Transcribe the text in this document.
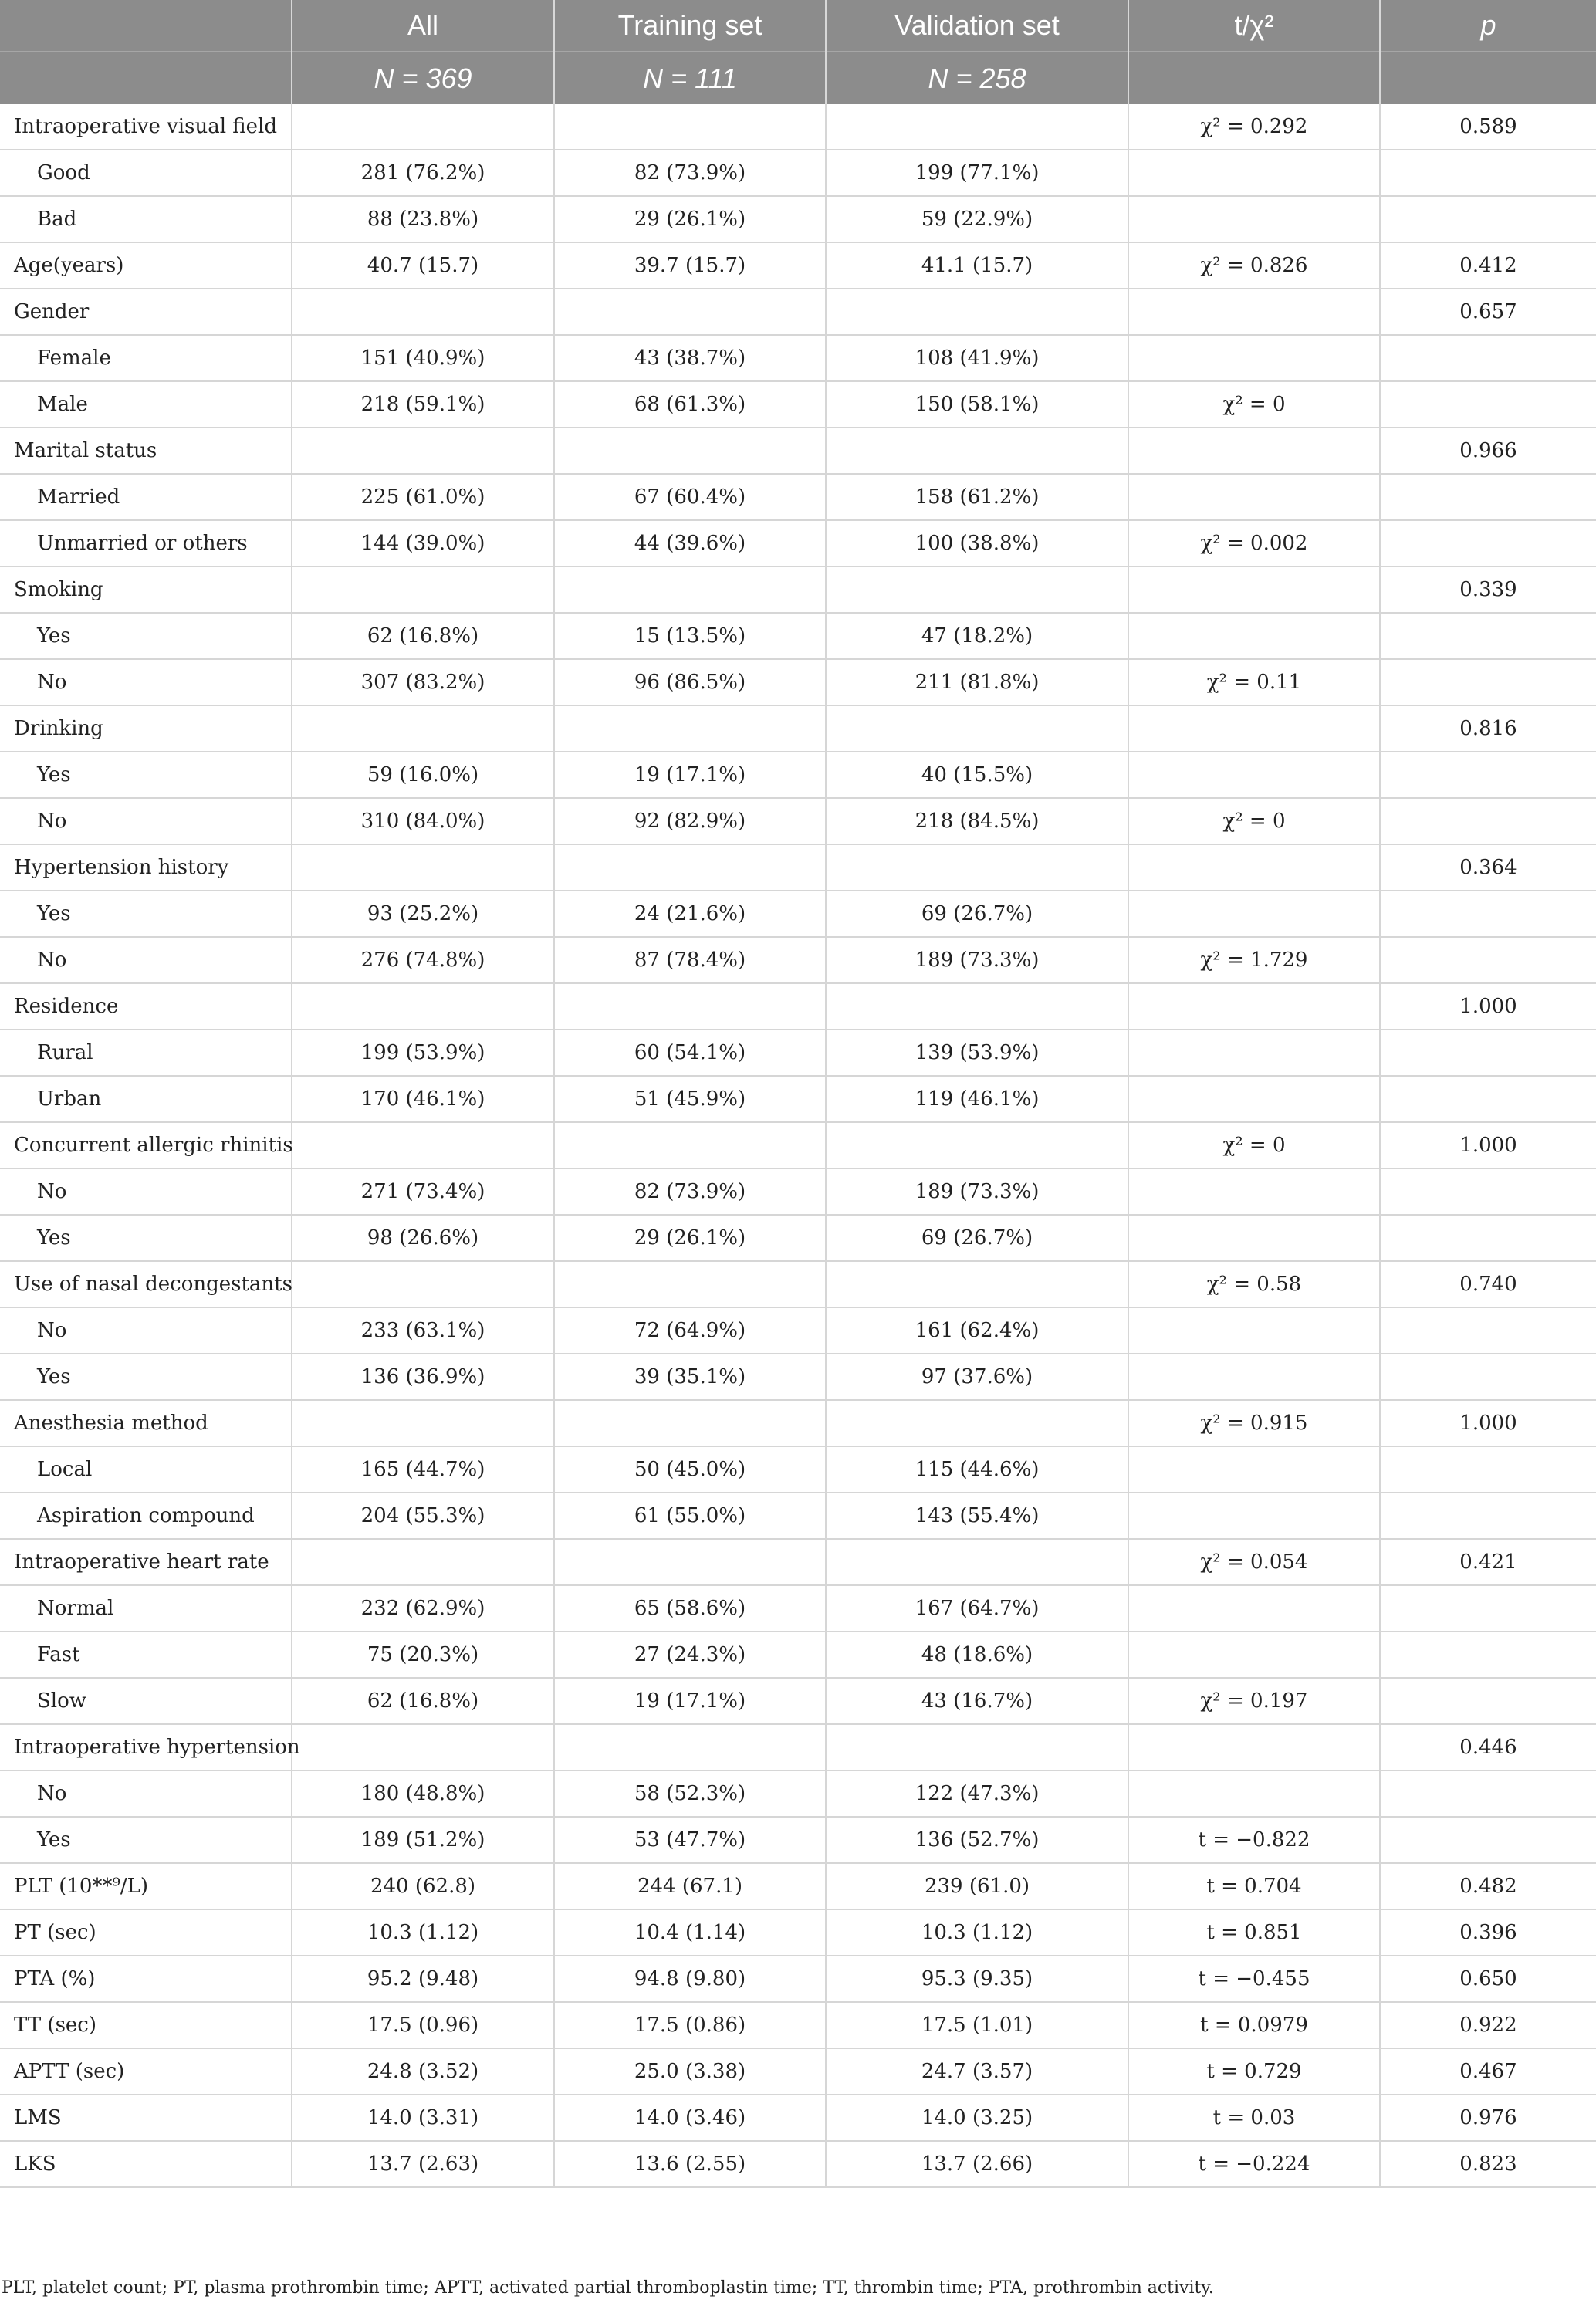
	All	Training set	Validation set	t/χ²	p
	N = 369	N = 111	N = 258		
Intraoperative visual field				χ² = 0.292	0.589
Good	281 (76.2%)	82 (73.9%)	199 (77.1%)		
Bad	88 (23.8%)	29 (26.1%)	59 (22.9%)		
Age(years)	40.7 (15.7)	39.7 (15.7)	41.1 (15.7)	χ² = 0.826	0.412
Gender					0.657
Female	151 (40.9%)	43 (38.7%)	108 (41.9%)		
Male	218 (59.1%)	68 (61.3%)	150 (58.1%)	χ² = 0	
Marital status					0.966
Married	225 (61.0%)	67 (60.4%)	158 (61.2%)		
Unmarried or others	144 (39.0%)	44 (39.6%)	100 (38.8%)	χ² = 0.002	
Smoking					0.339
Yes	62 (16.8%)	15 (13.5%)	47 (18.2%)		
No	307 (83.2%)	96 (86.5%)	211 (81.8%)	χ² = 0.11	
Drinking					0.816
Yes	59 (16.0%)	19 (17.1%)	40 (15.5%)		
No	310 (84.0%)	92 (82.9%)	218 (84.5%)	χ² = 0	
Hypertension history					0.364
Yes	93 (25.2%)	24 (21.6%)	69 (26.7%)		
No	276 (74.8%)	87 (78.4%)	189 (73.3%)	χ² = 1.729	
Residence					1.000
Rural	199 (53.9%)	60 (54.1%)	139 (53.9%)		
Urban	170 (46.1%)	51 (45.9%)	119 (46.1%)		
Concurrent allergic rhinitis				χ² = 0	1.000
No	271 (73.4%)	82 (73.9%)	189 (73.3%)		
Yes	98 (26.6%)	29 (26.1%)	69 (26.7%)		
Use of nasal decongestants				χ² = 0.58	0.740
No	233 (63.1%)	72 (64.9%)	161 (62.4%)		
Yes	136 (36.9%)	39 (35.1%)	97 (37.6%)		
Anesthesia method				χ² = 0.915	1.000
Local	165 (44.7%)	50 (45.0%)	115 (44.6%)		
Aspiration compound	204 (55.3%)	61 (55.0%)	143 (55.4%)		
Intraoperative heart rate				χ² = 0.054	0.421
Normal	232 (62.9%)	65 (58.6%)	167 (64.7%)		
Fast	75 (20.3%)	27 (24.3%)	48 (18.6%)		
Slow	62 (16.8%)	19 (17.1%)	43 (16.7%)	χ² = 0.197	
Intraoperative hypertension					0.446
No	180 (48.8%)	58 (52.3%)	122 (47.3%)		
Yes	189 (51.2%)	53 (47.7%)	136 (52.7%)	t = −0.822	
PLT (10**⁹/L)	240 (62.8)	244 (67.1)	239 (61.0)	t = 0.704	0.482
PT (sec)	10.3 (1.12)	10.4 (1.14)	10.3 (1.12)	t = 0.851	0.396
PTA (%)	95.2 (9.48)	94.8 (9.80)	95.3 (9.35)	t = −0.455	0.650
TT (sec)	17.5 (0.96)	17.5 (0.86)	17.5 (1.01)	t = 0.0979	0.922
APTT (sec)	24.8 (3.52)	25.0 (3.38)	24.7 (3.57)	t = 0.729	0.467
LMS	14.0 (3.31)	14.0 (3.46)	14.0 (3.25)	t = 0.03	0.976
LKS	13.7 (2.63)	13.6 (2.55)	13.7 (2.66)	t = −0.224	0.823
PLT, platelet count; PT, plasma prothrombin time; APTT, activated partial thromboplastin time; TT, thrombin time; PTA, prothrombin activity.
